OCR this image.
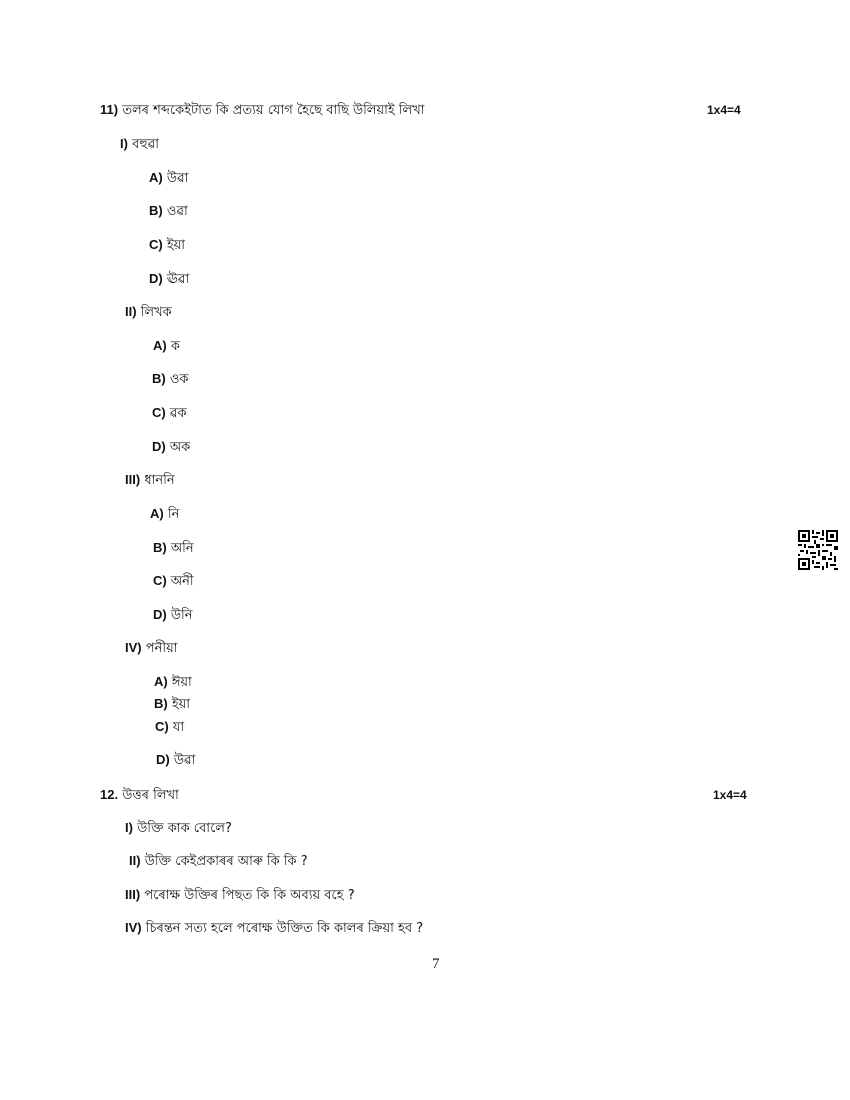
11) তলৰ শব্দকেইটাত কি প্ৰত্যয় যোগ হৈছে বাছি উলিয়াই লিখা	1x4=4
I) বহুৱা
A) উৱা
B) ওৱা
C) ইয়া
D) ঊৱা
II) লিখক
A) ক
B) ওক
C) ৱক
D) অক
III) ধাননি
A) নি
B) অনি
C) অনী
D) উনি
IV) পনীয়া
A) ঈয়া
B) ইয়া
C) যা
D) উৱা
12. উত্তৰ লিখা	1x4=4
I) উক্তি কাক বোলে?
II) উক্তি কেইপ্ৰকাৰৰ আৰু কি কি ?
III) পৰোক্ষ উক্তিৰ পিছত কি কি অব্যয় বহে ?
IV) চিৰন্তন সত্য হলে পৰোক্ষ উক্তিত কি কালৰ ক্ৰিয়া হব ?
7
